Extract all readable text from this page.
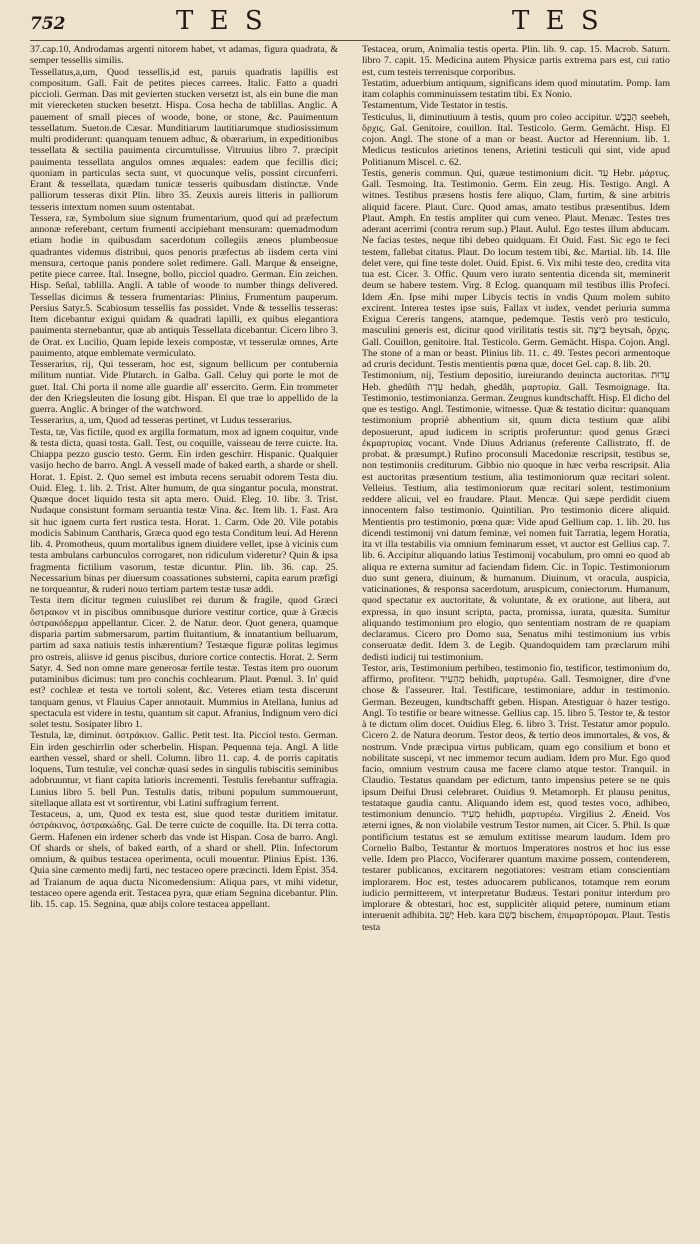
752	T E S	T E S

37.cap.10, Androdamas argenti nitorem habet, vt adamas, figura quadrata, & semper tessellis similis.

Tessellatus,a,um, Quod tessellis,id est, paruis quadratis lapillis est compositum. Gall. Fait de petites pieces carrees. Italic. Fatto a quadri piccioli. German. Das mit gevierten stucken versetzt ist, als ein bune die man mit vierecketen stucken besetzt. Hispa. Cosa hecha de tablillas. Anglic. A pauement of small pieces of woode, bone, or stone, &c. Pauimentum tessellatum. Sueton.de Cæsar. Munditiarum lautitiarumque studiosissimum multi prodiderunt: quanquam tenuem adhuc, & obærarium, in expeditionibus tessellata & sectilia pauimenta circumtulisse. Vitruuius libro 7. præcipit pauimenta tessellata angulos omnes æquales: eadem que fecillis dici; quoniam in particulas secta sunt, vt quocunque velis, possint circunferri. Erant & tessellata, quædam tunicæ tesseris quibusdam distinctæ. Vnde palliorum tesseras dixit Plin. libro 35. Zeuxis aureis litteris in palliorum tesseris intextum nomen suum ostentabat.

Tessera, ræ, Symbolum siue signum frumentarium, quod qui ad præfectum annonæ referebant, certum frumenti accipiebant mensuram: quemadmodum etiam hodie in quibusdam sacerdotum collegiis æneos plumbeosue quadrantes videmus distribui, quos penoris præfectus ab iisdem certa vini mensura, certoque panis pondere solet redimere. Gall. Marque & enseigne, petite piece carree. Ital. Insegne, bollo, picciol quadro. German. Ein zeichen. Hisp. Señal, tablilla. Angli. A table of woode to number things delivered. Tessellas dicimus & tessera frumentarias: Plinius, Frumentum pauperum. Persius Satyr.5. Scabiosum tessellis fas possidet. Vnde & tessellis tesseras: Item dicebantur exigui quidam & quadrati lapilli, ex quibus elegantiora pauimenta sternebantur, quæ ab antiquis Tessellata dicebantur. Cicero libro 3. de Orat. ex Lucilio, Quam lepide lexeis compostæ, vt tesserulæ omnes, Arte pauimento, atque emblemate vermiculato.

Tesserarius, rij, Qui tesseram, hoc est, signum bellicum per contubernia militum nuntiat. Vide Plutarch. in Galba. Gall. Celuy qui porte le mot de guet. Ital. Chi porta il nome alle guardie all' essercito. Germ. Ein trommeter der den Kriegsleuten die losung gibt. Hispan. El que trae lo appellido de la guerra. Anglic. A bringer of the watchword.

Tesserarius, a, um, Quod ad tesseras pertinet, vt Ludus tesserarius.

Testa, tæ, Vas fictile, quod ex argilla formatum, mox ad ignem coquitur, vnde & testa dicta, quasi tosta. Gall. Test, ou coquille, vaisseau de terre cuicte. Ita. Chiappa pezzo guscio testo. Germ. Ein irden geschirr. Hispanic. Qualquier vasijo hecho de barro. Angl. A vessell made of baked earth, a sharde or shell. Horat. 1. Epist. 2. Quo semel est imbuta recens seruabit odorem Testa diu. Ouid. Eleg. 1. lib. 2. Trist. Alter humum, de qua singantur pocula, monstrat. Quæque docet liquido testa sit apta mero. Ouid. Eleg. 10. libr. 3. Trist. Nudaque consistunt formam seruantia testæ Vina. &c. Item lib. 1. Fast. Ara sit huc ignem curta fert rustica testa. Horat. 1. Carm. Ode 20. Vile potabis modicis Sabinum Cantharis, Græca quod ego testa Conditum leui. Ad Herenn lib. 4. Promotheus, quum mortalibus ignem diuidere vellet, ipse à vicinis cum testa ambulans carbunculos corrogaret, non ridiculum videretur? Quin & ipsa fragmenta fictilium vasorum, testæ dicuntur. Plin. lib. 36. cap. 25. Necessarium binas per diuersum coassationes substerni, capita earum præfigi ne torqueantur, & ruderi nouo tertiam partem testæ tusæ addi.

Testa item dicitur tegmen cuiuslibet rei durum & fragile, quod Græci ὄστρακον vt in piscibus omnibusque duriore vestitur cortice, quæ à Græcis ὀστρακόδερμα appellantur. Cicer. 2. de Natur. deor. Quot genera, quamque disparia partim submersarum, partim fluitantium, & innatantium belluarum, partim ad saxa natiuis testis inhærentium? Testæque figuræ politas legimus pro ostreis, aliisve id genus piscibus, duriore cortice contectis. Horat. 2. Serm Satyr. 4. Sed non omne mare generosæ fertile testæ. Testas item pro ouorum putaminibus dicimus: tum pro conchis cochlearum. Plaut. Pœnul. 3. In' quid est? cochleæ et testa ve tortoli solent, &c. Veteres etiam testa discerunt tanquam genus, vt Flauius Caper annotauit. Mummius in Atellana, Iunius ad spectacula est videre in testu, quantum sit caput. Afranius, Indignum vero dici solet testu. Sosipater libro 1.

Testula, læ, diminut. ὀστράκιον. Gallic. Petit test. Ita. Picciol testo. German. Ein irden geschirrlin oder scherbelin. Hispan. Pequenna teja. Angl. A litle earthen vessel, shard or shell. Column. libro 11. cap. 4. de porris capitatis loquens, Tum testulæ, vel conchæ quasi sedes in singulis tubiscitis seminibus adobruuntur, vt fiant capita latioris incrementi. Testulis ferebantur suffragia. Lunius libro 5. bell Pun. Testulis datis, tribuni populum summouerunt, sitellaque allata est vt sortirentur, vbi Latini suffragium ferrent.

Testaceus, a, um, Quod ex testa est, siue quod testæ duritiem imitatur. ὀστράκινος, ὀστρακώδης. Gal. De terre cuicte de coquille. Ita. Di terra cotta. Germ. Hafenen ein irdener scherb das vnde ist Hispan. Cosa de barro. Angl. Of shards or shels, of baked earth, of a shard or shell. Plin. Infectorum omnium, & quibus testacea operimenta, oculi mouentur. Plinius Epist. 136. Quia sine cæmento medij farti, nec testaceo opere præcincti. Idem Epist. 354. ad Traianum de aqua ducta Nicomedensium: Aliqua pars, vt mihi videtur, testaceo opere agenda erit. Testacea pyra, quæ etiam Segnina dicebantur. Plin. lib. 15. cap. 15. Segnina, quæ abijs colore testacea appellant.

Testacea, orum, Animalia testis operta. Plin. lib. 9. cap. 15. Macrob. Saturn. libro 7. capit. 15. Medicina autem Physicæ partis extrema pars est, cui ratio est, cum testeis terrenisque corporibus.

Testatim, aduerbium antiquum, significans idem quod minutatim. Pomp. Iam itam colaphis comminuissem testatim tibi. Ex Nonio.

Testamentum, Vide Testator in testis.

Testiculus, li, diminutiuum à testis, quum pro coleo accipitur. הַבָּבֶשׁ seebeh, ὄρχις. Gal. Genitoire, couillon. Ital. Testicolo. Germ. Gemächt. Hisp. El cojon. Angl. The stone of a man or beast. Auctor ad Herennium. lib. 1. Medicus testiculos arietinos tenens, Arietini testiculi qui sint, vide apud Politianum Miscel. c. 62.

Testis, generis commun. Qui, quæue testimonium dicit. עֵד Hebr. μάρτυς. Gall. Tesmoing. Ita. Testimonio. Germ. Ein zeug. His. Testigo. Angl. A witnes. Testibus præsens hostis fere aliquo, Clam, furtim, & sine arbitris aliquid facere. Plaut. Curc. Quod amas, amato testibus præsentibus. Idem Plaut. Amph. En testis ampliter qui cum veneo. Plaut. Menæc. Testes tres aderant acerrimi (contra rerum sup.) Plaut. Aulul. Ego testes illum abducam. Ne facias testes, neque tibi debeo quidquam. Et Ouid. Fast. Sic ego te feci testem, fallebat citatus. Plaut. Do locum testem tibi, &c. Martial. lib. 14. Ille delet vere, qui fine teste dolet. Ouid. Epist. 6. Vix mihi teste deo, credita vita tua est. Cicer. 3. Offic. Quum vero iurato sententia dicenda sit, meminerit deum se habere testem. Virg. 8 Eclog. quanquam mil testibus illis Profeci. Idem Æn. Ipse mihi nuper Libycis tectis in vndis Quum molem subito excirent. Interea testes ipse suis, Fallax vt iudex, vendet periuria summa Exigua Cereris tangens, atamque, pedemque. Testis verò pro testiculo, masculini generis est, dicitur quod virilitatis testis sit. בֵּיצָה beytsah, ὄρχις. Gall. Couillon, genitoire. Ital. Testicolo. Germ. Gemächt. Hispa. Cojon. Angl. The stone of a man or beast. Plinius lib. 11. c. 49. Testes pecori armentoque ad cruris decidunt. Testis mentientis pœna quæ, docet Gel. cap. 8. lib. 20.

Testimonium, nij, Testium depositio, iureiurando deuincta auctoritas. עֵדוּת Heb. ghedûth עֵדָה hedah, ghedâh, μαρτυρία. Gall. Tesmoignage. Ita. Testimonio, testimonianza. German. Zeugnus kundtschafft. Hisp. El dicho del que es testigo. Angl. Testimonie, witnesse. Quæ & testatio dicitur: quanquam testimonium propriè abhentium sit, quum dicta testium quæ alibi deposuerunt, apud iudicem in scriptis proferuntur: quod genus Græci ἐκμαρτυρίας vocant. Vnde Diuus Adrianus (referente Callistrato, ff. de probat. & præsumpt.) Rufino proconsuli Macedoniæ rescripsit, testibus se, non testimoniis crediturum. Gibbio nio quoque in hæc verba rescripsit. Alia est auctoritas præsentium testium, alia testimoniorum quæ recitari solent. Velleius. Testium, alia testimoniorum quæ recitari solent, testimonium reddere alicui, vel eo fraudare. Plaut. Mencæ. Qui sæpe perdidit ciuem innocentem falso testimonio. Quintilian. Pro testimonio dicere aliquid. Mentientis pro testimonio, pœna quæ: Vide apud Gellium cap. 1. lib. 20. Ius dicendi testimonij vni datum feminæ, vel nomen fuit Tarratia, legem Horatia, ita vt illa testabilis via omnium feminarum esset, vt auctor est Gellius cap. 7. lib. 6. Accipitur aliquando latius Testimonij vocabulum, pro omni eo quod ab aliqua re externa sumitur ad faciendam fidem. Cic. in Topic. Testimoniorum duo sunt genera, diuinum, & humanum. Diuinum, vt oracula, auspicia, vaticinationes, & responsa sacerdotum, aruspicum, coniectorum. Humanum, quod spectatur ex auctoritate, & voluntate, & ex oratione, aut libera, aut expressa, in quo insunt scripta, pacta, promissa, iurata, quæsita. Sumitur aliquando testimonium pro elogio, quo sententiam nostram de re quapiam declaramus. Cicero pro Domo sua, Senatus mihi testimonium ius vrbis conseruatæ dedit. Idem 3. de Legib. Quandoquidem tam præclarum mihi dedisti iudicij tui testimonium.

Testor, aris, Testimonium perhibeo, testimonio fio, testificor, testimonium do, affirmo, profiteor. מְהֵעִיד behidh, μαρτυρέω. Gall. Tesmoigner, dire d'vne chose & l'asseurer. Ital. Testificare, testimoniare, addur in testimonio. German. Bezeugen, kundtschafft geben. Hispan. Atestiguar ò hazer testigo. Angl. To testifie or beare witnesse. Gellius cap. 15. libro 5. Testor te, & testor à te dictum olim docet. Ouidius Eleg. 6. libro 3. Trist. Testatur amor populo. Cicero 2. de Natura deorum. Testor deos, & tertio deos immortales, & vos, & nostrum. Vnde præcipua virtus publicam, quam ego consilium et bono et nobilitate suscepi, vt nec immemor tecum audiam. Idem pro Mur. Ego quod facio, omnium vestrum causa me facere clamo atque testor. Tranquil. in Claudio. Testatus quandam per edictum, tanto impensius petere se ne quis ipsum Deifui Drusi celebraret. Ouidius 9. Metamorph. Et plausu penitus, testataque gaudia cantu. Aliquando idem est, quod testes voco, adhibeo, testimonium denuncio. מֵעִיד hehidh, μαρτυρέω. Virgilius 2. Æneid. Vos æterni ignes, & non violabile vestrum Testor numen, ait Cicer. 5. Phil. Is quæ pontificium testatus est se æmulum extitisse mearum laudum. Idem pro Cornelio Balbo, Testantur & mortuos Imperatores nostros et hoc ius esse velle. Idem pro Placco, Vociferarer quantum maxime possem, contenderem, testarer publicanos, excitarem negotiatores: vestram etiam conscientiam implorarem. Hoc est, testes aduocarem publicanos, totamque rem eorum iudicio permitterem, vt interpretatur Budæus. Testari ponitur interdum pro implorare & obtestari, hoc est, supplicitèr aliquid petere, numinum etiam interuenit adhibita. יָשֵׁב Heb. kara בְּשֵׁם bischem, ἐπιμαρτύρομαι. Plaut. Testis testa
